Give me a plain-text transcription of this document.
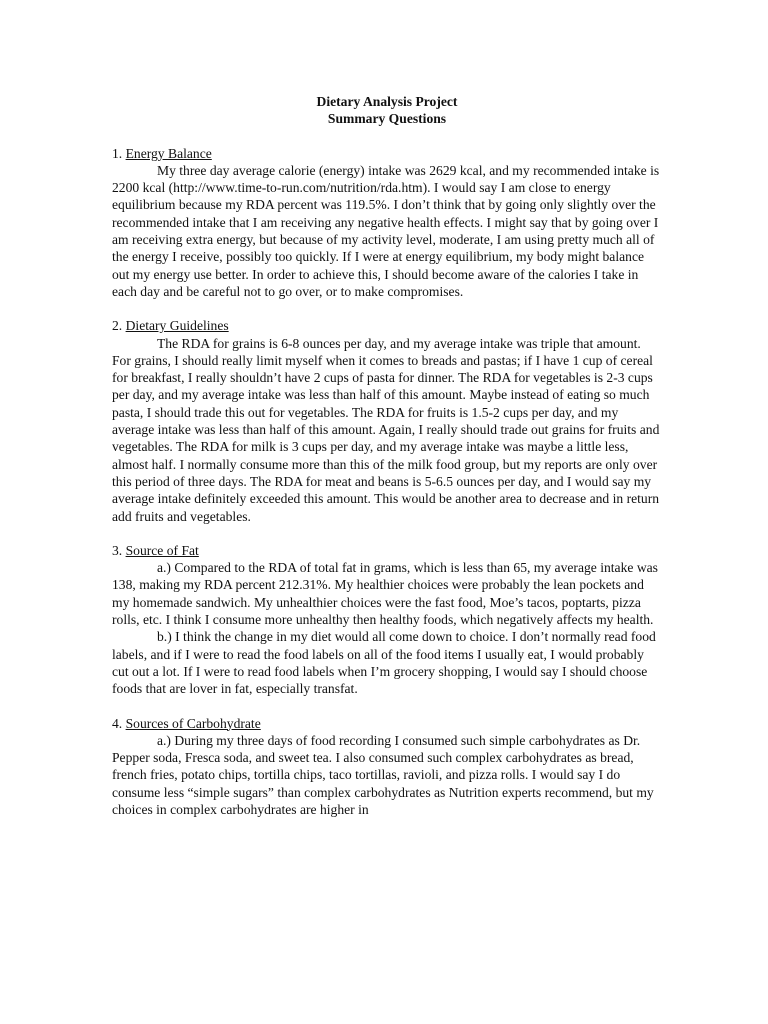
Dietary Analysis Project
Summary Questions
1. Energy Balance

My three day average calorie (energy) intake was 2629 kcal, and my recommended intake is 2200 kcal (http://www.time-to-run.com/nutrition/rda.htm). I would say I am close to energy equilibrium because my RDA percent was 119.5%. I don’t think that by going only slightly over the recommended intake that I am receiving any negative health effects. I might say that by going over I am receiving extra energy, but because of my activity level, moderate, I am using pretty much all of the energy I receive, possibly too quickly. If I were at energy equilibrium, my body might balance out my energy use better. In order to achieve this, I should become aware of the calories I take in each day and be careful not to go over, or to make compromises.

2. Dietary Guidelines

The RDA for grains is 6-8 ounces per day, and my average intake was triple that amount. For grains, I should really limit myself when it comes to breads and pastas; if I have 1 cup of cereal for breakfast, I really shouldn’t have 2 cups of pasta for dinner. The RDA for vegetables is 2-3 cups per day, and my average intake was less than half of this amount. Maybe instead of eating so much pasta, I should trade this out for vegetables. The RDA for fruits is 1.5-2 cups per day, and my average intake was less than half of this amount. Again, I really should trade out grains for fruits and vegetables. The RDA for milk is 3 cups per day, and my average intake was maybe a little less, almost half. I normally consume more than this of the milk food group, but my reports are only over this period of three days. The RDA for meat and beans is 5-6.5 ounces per day, and I would say my average intake definitely exceeded this amount. This would be another area to decrease and in return add fruits and vegetables.

3. Source of Fat

a.) Compared to the RDA of total fat in grams, which is less than 65, my average intake was 138, making my RDA percent 212.31%. My healthier choices were probably the lean pockets and my homemade sandwich. My unhealthier choices were the fast food, Moe’s tacos, poptarts, pizza rolls, etc. I think I consume more unhealthy then healthy foods, which negatively affects my health.

b.) I think the change in my diet would all come down to choice. I don’t normally read food labels, and if I were to read the food labels on all of the food items I usually eat, I would probably cut out a lot. If I were to read food labels when I’m grocery shopping, I would say I should choose foods that are lover in fat, especially transfat.

4. Sources of Carbohydrate

a.) During my three days of food recording I consumed such simple carbohydrates as Dr. Pepper soda, Fresca soda, and sweet tea. I also consumed such complex carbohydrates as bread, french fries, potato chips, tortilla chips, taco tortillas, ravioli, and pizza rolls. I would say I do consume less “simple sugars” than complex carbohydrates as Nutrition experts recommend, but my choices in complex carbohydrates are higher in
